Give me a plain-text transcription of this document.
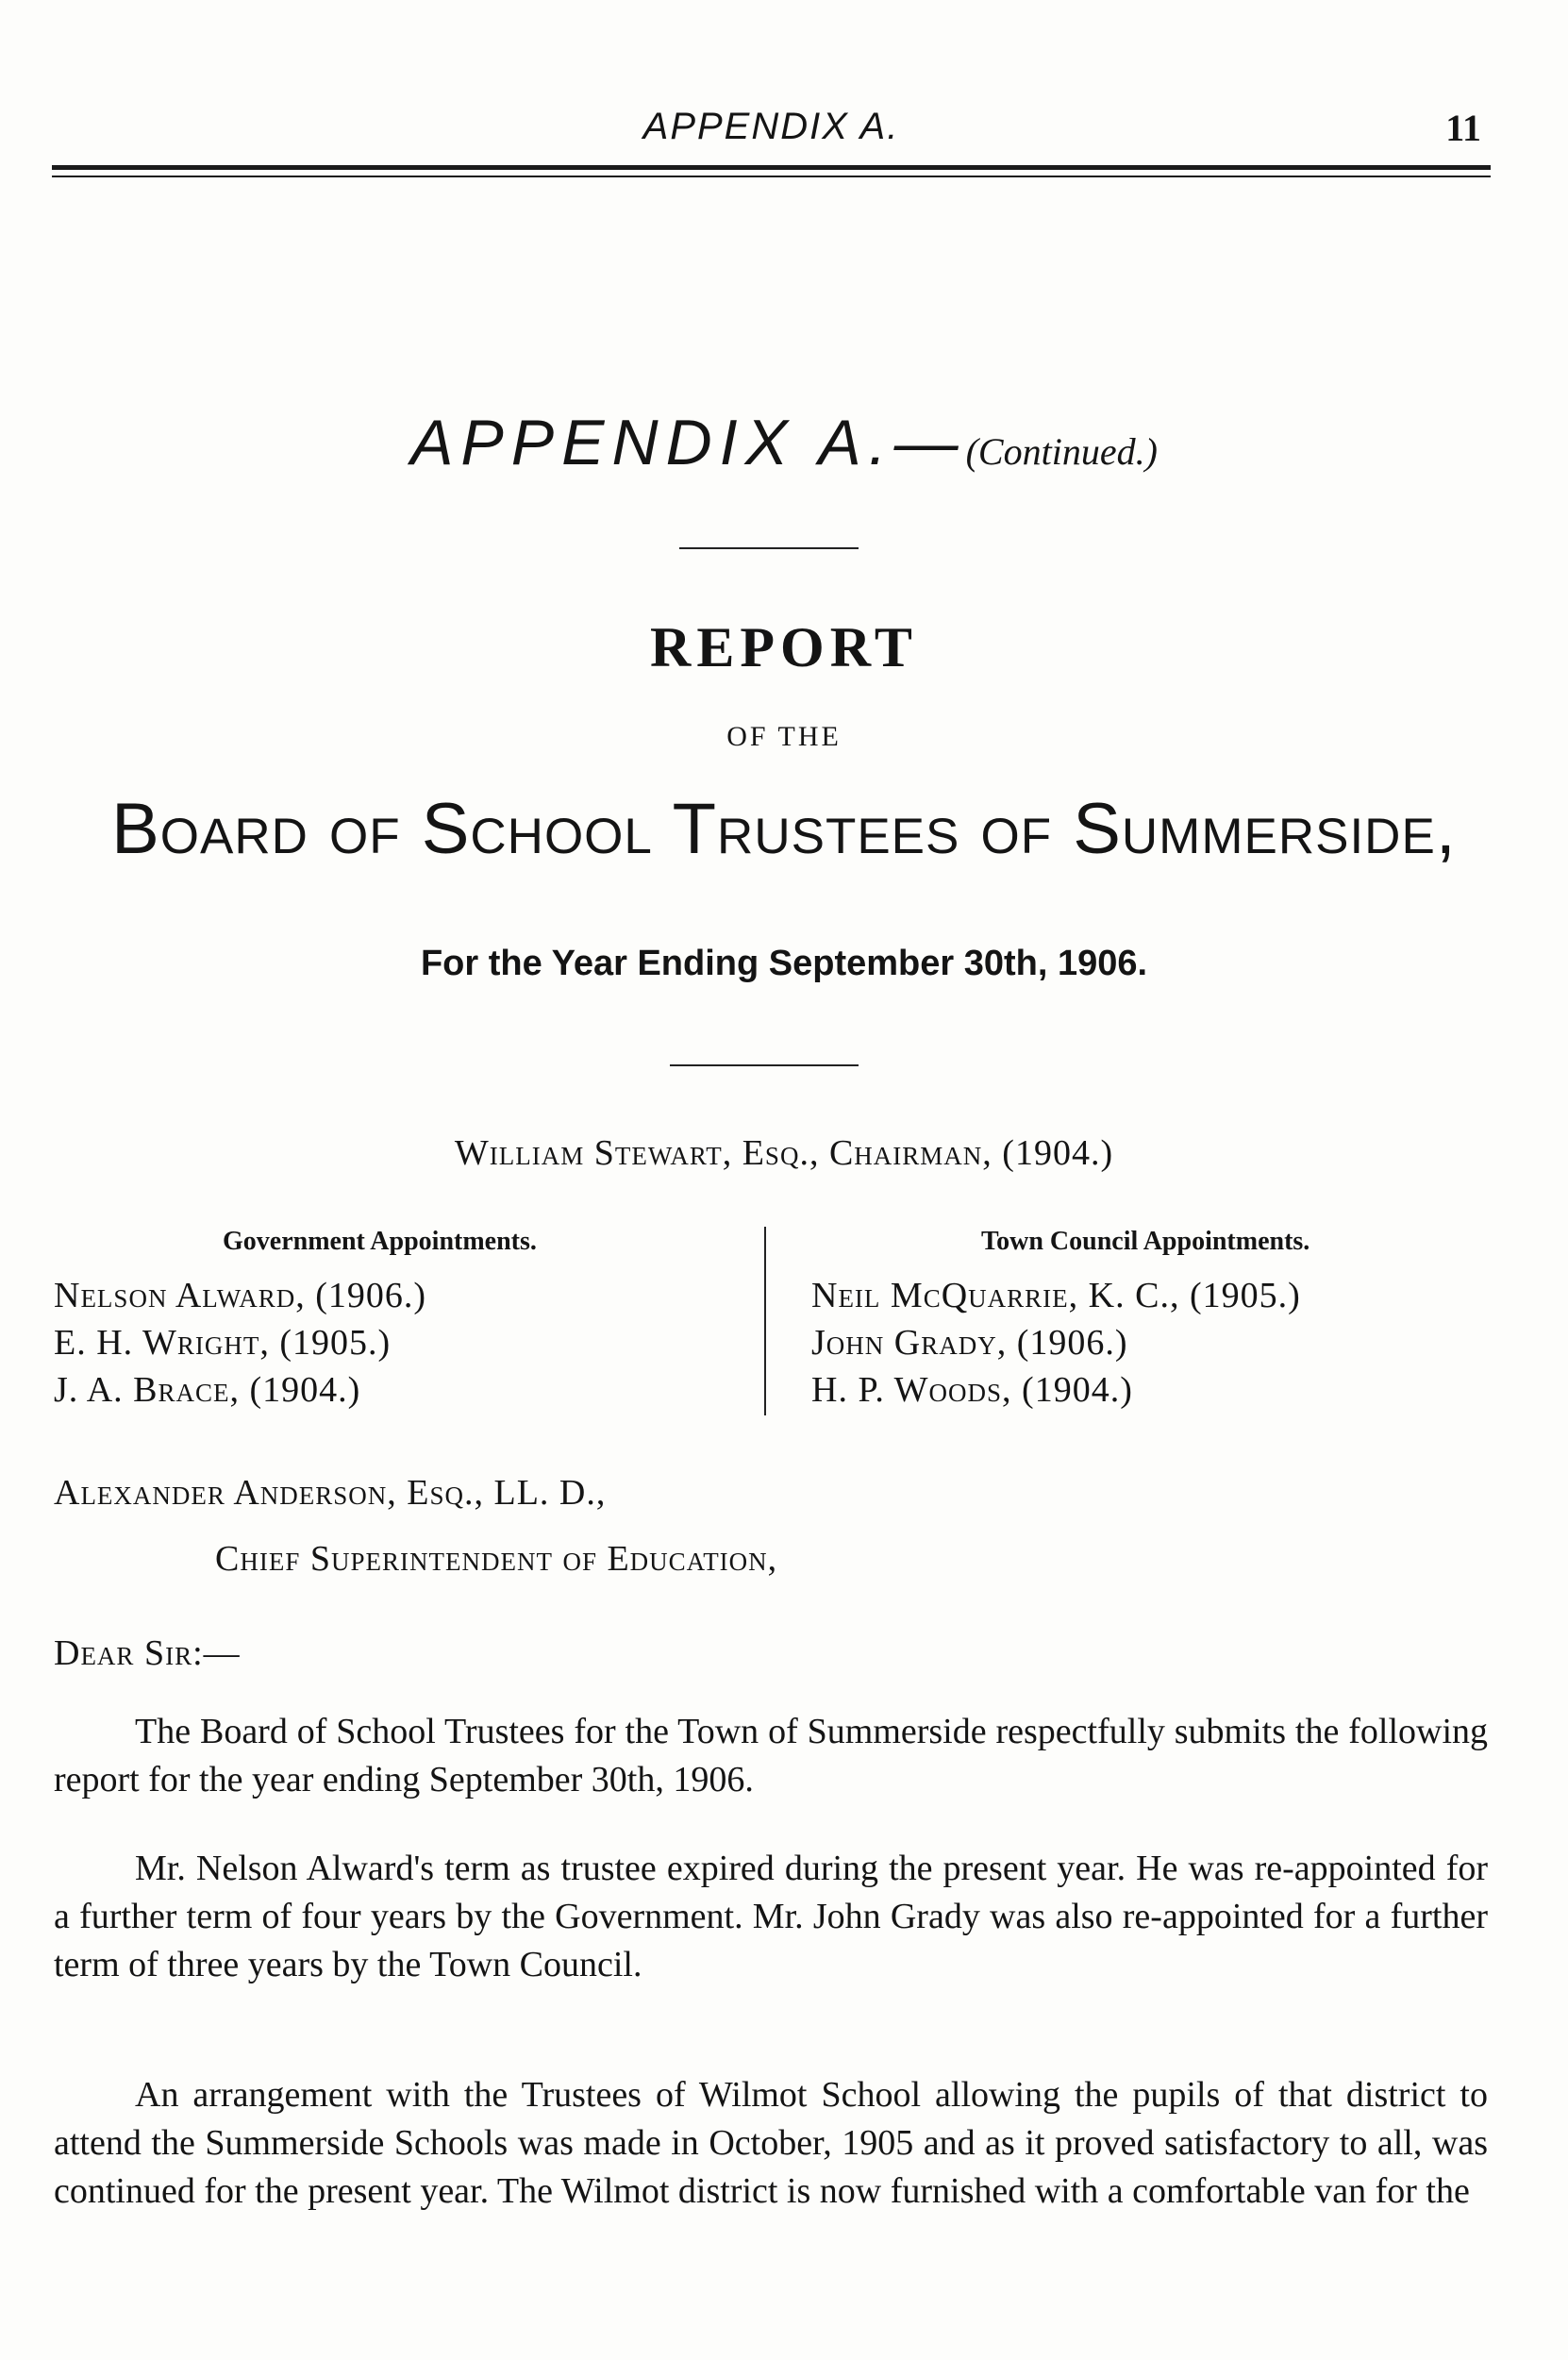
APPENDIX A.	11
APPENDIX A.—(Continued.)
REPORT
OF THE
Board of School Trustees of Summerside,
For the Year Ending September 30th, 1906.
William Stewart, Esq., Chairman, (1904.)
Government Appointments.	Town Council Appointments.
Nelson Alward, (1906.)
E. H. Wright, (1905.)
J. A. Brace, (1904.)
Neil McQuarrie, K. C., (1905.)
John Grady, (1906.)
H. P. Woods, (1904.)
Alexander Anderson, Esq., LL. D.,
Chief Superintendent of Education,
Dear Sir:—
The Board of School Trustees for the Town of Summerside respectfully submits the following report for the year ending September 30th, 1906.
Mr. Nelson Alward's term as trustee expired during the present year. He was re-appointed for a further term of four years by the Government. Mr. John Grady was also re-appointed for a further term of three years by the Town Council.
An arrangement with the Trustees of Wilmot School allowing the pupils of that district to attend the Summerside Schools was made in October, 1905 and as it proved satisfactory to all, was continued for the present year. The Wilmot district is now furnished with a comfortable van for the
